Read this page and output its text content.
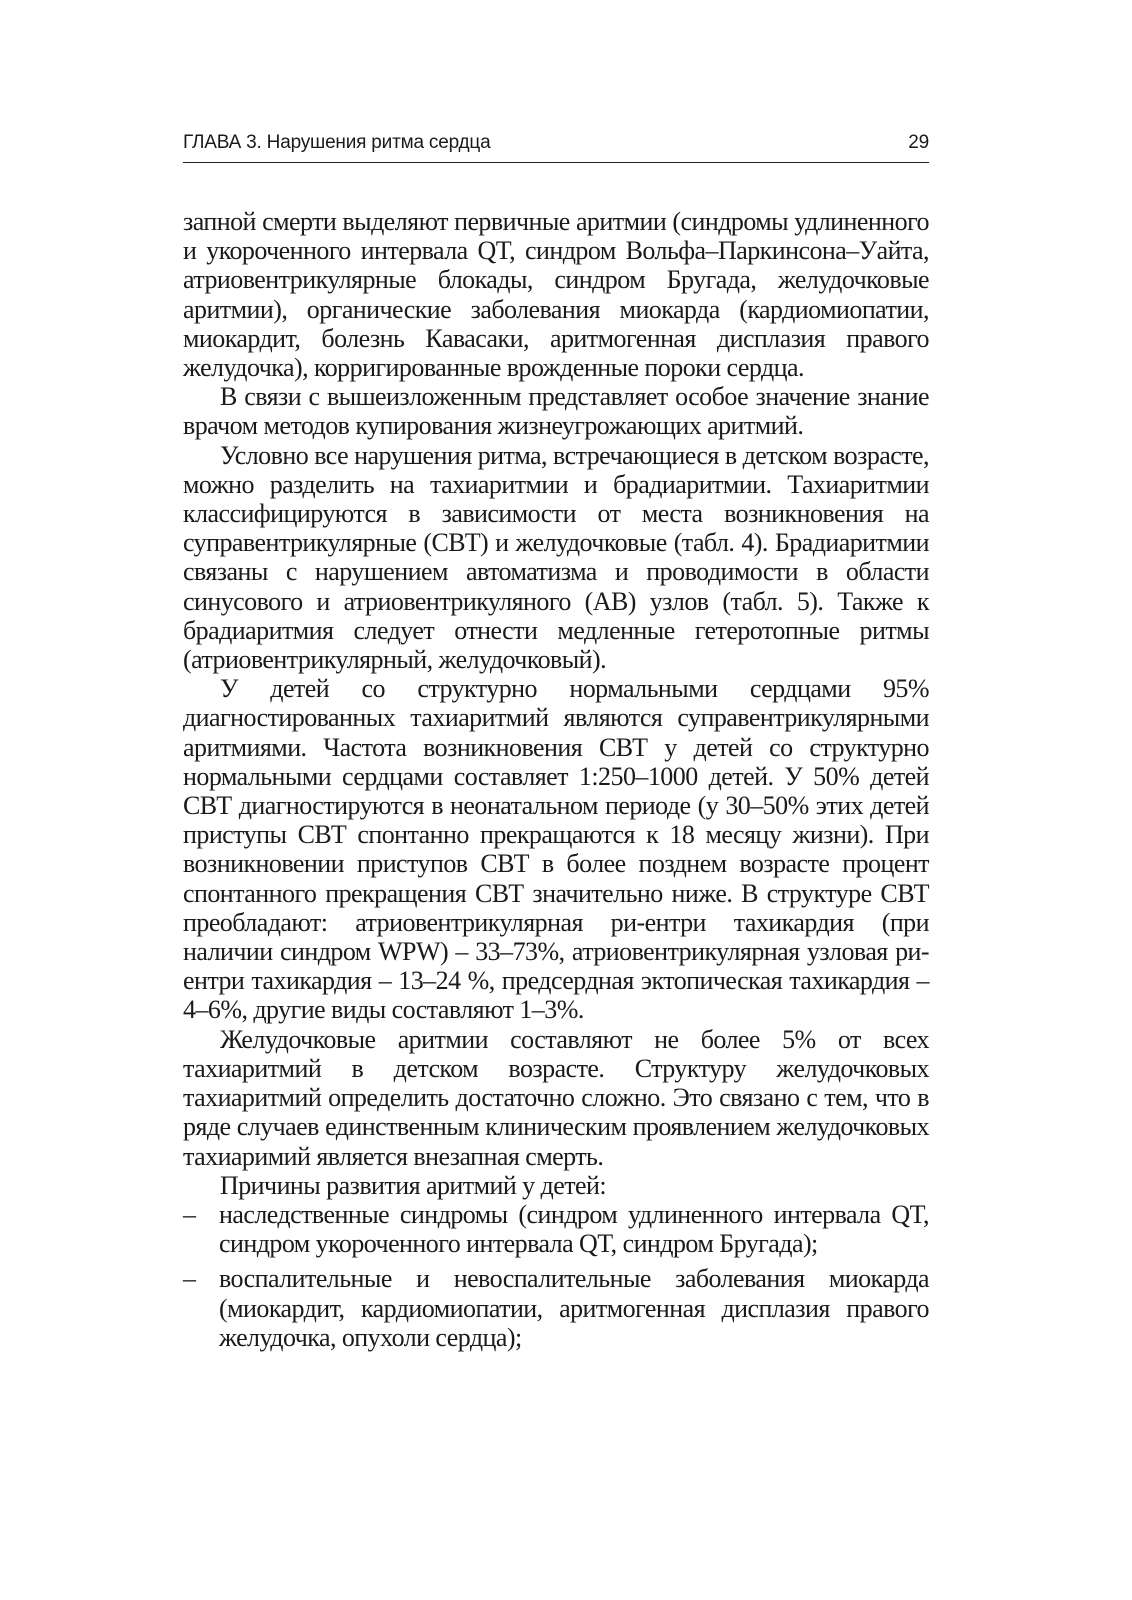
ГЛАВА 3. Нарушения ритма сердца	29

запной смерти выделяют первичные аритмии (синдромы удлиненного и укороченного интервала QT, синдром Вольфа–Паркинсона–Уайта, атриовентрикулярные блокады, синдром Бругада, желудочковые аритмии), органические заболевания миокарда (кардиомиопатии, миокардит, болезнь Кавасаки, аритмогенная дисплазия правого желудочка), корригированные врожденные пороки сердца.

В связи с вышеизложенным представляет особое значение знание врачом методов купирования жизнеугрожающих аритмий.

Условно все нарушения ритма, встречающиеся в детском возрасте, можно разделить на тахиаритмии и брадиаритмии. Тахиаритмии классифицируются в зависимости от места возникновения на суправентрикулярные (СВТ) и желудочковые (табл. 4). Брадиаритмии связаны с нарушением автоматизма и проводимости в области синусового и атриовентрикуляного (АВ) узлов (табл. 5). Также к брадиаритмия следует отнести медленные гетеротопные ритмы (атриовентрикулярный, желудочковый).

У детей со структурно нормальными сердцами 95% диагностированных тахиаритмий являются суправентрикулярными аритмиями. Частота возникновения СВТ у детей со структурно нормальными сердцами составляет 1:250–1000 детей. У 50% детей СВТ диагностируются в неонатальном периоде (у 30–50% этих детей приступы СВТ спонтанно прекращаются к 18 месяцу жизни). При возникновении приступов СВТ в более позднем возрасте процент спонтанного прекращения СВТ значительно ниже. В структуре СВТ преобладают: атриовентрикулярная ри-ентри тахикардия (при наличии синдром WPW) – 33–73%, атриовентрикулярная узловая ри-ентри тахикардия – 13–24 %, предсердная эктопическая тахикардия – 4–6%, другие виды составляют 1–3%.

Желудочковые аритмии составляют не более 5% от всех тахиаритмий в детском возрасте. Структуру желудочковых тахиаритмий определить достаточно сложно. Это связано с тем, что в ряде случаев единственным клиническим проявлением желудочковых тахиаримий является внезапная смерть.

Причины развития аритмий у детей:

– наследственные синдромы (синдром удлиненного интервала QT, синдром укороченного интервала QT, синдром Бругада);
– воспалительные и невоспалительные заболевания миокарда (миокардит, кардиомиопатии, аритмогенная дисплазия правого желудочка, опухоли сердца);
